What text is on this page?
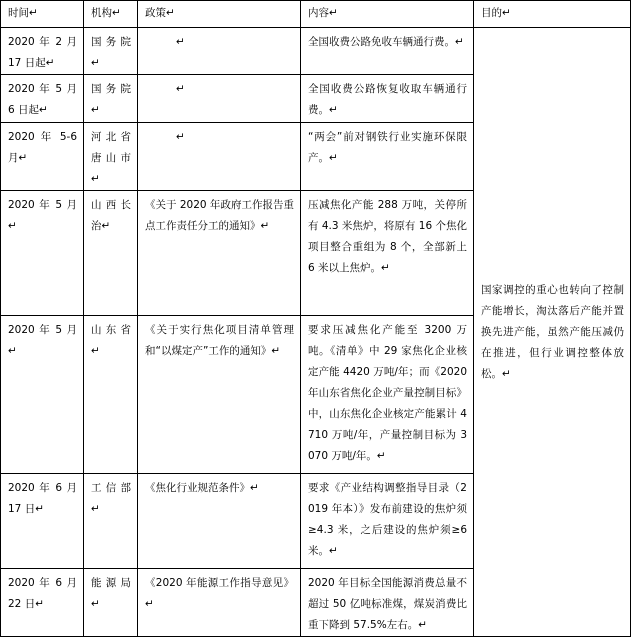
时间↵	机构↵	政策↵	内容↵	目的↵
2020 年 2 月 17 日起↵	国务院↵	↵	全国收费公路免收车辆通行费。↵	国家调控的重心也转向了控制产能增长，淘汰落后产能并置换先进产能，虽然产能压减仍在推进，但行业调控整体放松。↵
2020 年 5 月 6 日起↵	国务院↵	↵	全国收费公路恢复收取车辆通行费。↵	
2020 年 5-6 月↵	河北省唐山市↵	↵	“两会”前对钢铁行业实施环保限产。↵	
2020 年 5 月↵	山西长治↵	《关于 2020 年政府工作报告重点工作责任分工的通知》↵	压减焦化产能 288 万吨，关停所有 4.3 米焦炉，将原有 16 个焦化项目整合重组为 8 个，全部新上 6 米以上焦炉。↵	
2020 年 5 月↵	山东省↵	《关于实行焦化项目清单管理和“以煤定产”工作的通知》↵	要求压减焦化产能至 3200 万吨。《清单》中 29 家焦化企业核定产能 4420 万吨/年；而《2020 年山东省焦化企业产量控制目标》中，山东焦化企业核定产能累计 4710 万吨/年，产量控制目标为 3070 万吨/年。↵	
2020 年 6 月 17 日↵	工信部↵	《焦化行业规范条件》↵	要求《产业结构调整指导目录（2019 年本）》发布前建设的焦炉须≥4.3 米，之后建设的焦炉须≥6 米。↵	
2020 年 6 月 22 日↵	能源局↵	《2020 年能源工作指导意见》↵	2020 年目标全国能源消费总量不超过 50 亿吨标准煤，煤炭消费比重下降到 57.5%左右。↵	
